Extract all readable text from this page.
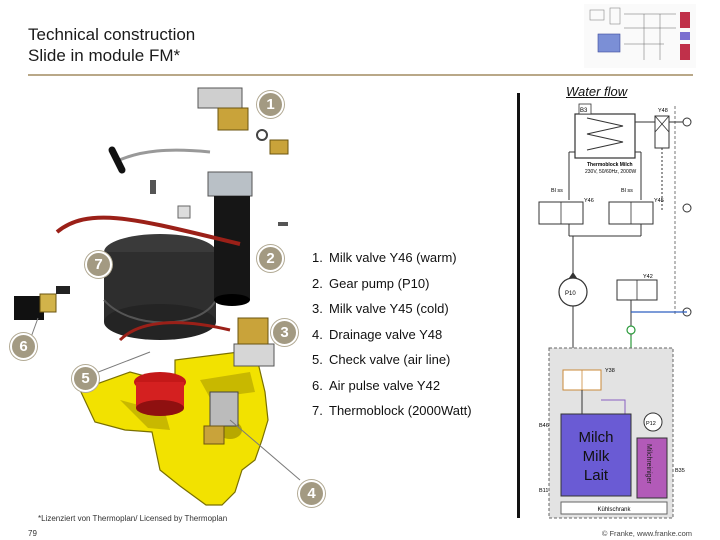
Technical construction
Slide in module FM*
1
2
3
4
5
6
7	1. Milk valve Y46 (warm)
2. Gear pump (P10)
3. Milk valve Y45 (cold)
4. Drainage valve Y48
5. Check valve (air line)
6. Air pulse valve Y42
7. Thermoblock (2000Watt)
Water flow
B3
Thermoblock Milch
230V, 50/60Hz, 2000W
Y48
Bl ss	Bl ss
Y46	Y45
P10
Y42
Y38
P12
Milch
Milk
Lait	Milchreiniger
B46
B11
B35
Kühlschrank
*Lizenziert von Thermoplan/ Licensed by Thermoplan
79	© Franke, www.franke.com
